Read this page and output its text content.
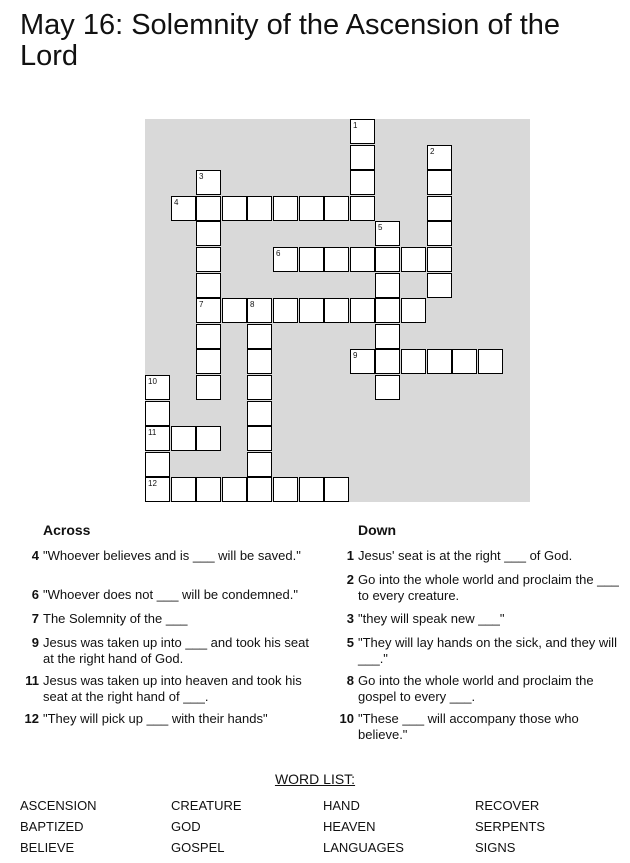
May 16: Solemnity of the Ascension of the Lord
1
2
3
7
4
5
6
8
9
10
11
12
Across	Down
4 "Whoever believes and is ___ will be saved."
6 "Whoever does not ___ will be condemned."
7 The Solemnity of the ___
9 Jesus was taken up into ___ and took his seat at the right hand of God.
11 Jesus was taken up into heaven and took his seat at the right hand of ___.
12 "They will pick up ___ with their hands"
1 Jesus' seat is at the right ___ of God.
2 Go into the whole world and proclaim the ___ to every creature.
3 "they will speak new ___"
5 "They will lay hands on the sick, and they will ___."
8 Go into the whole world and proclaim the gospel to every ___.
10 "These ___ will accompany those who believe."
WORD LIST:
ASCENSION
BAPTIZED
BELIEVE
CREATURE
GOD
GOSPEL
HAND
HEAVEN
LANGUAGES
RECOVER
SERPENTS
SIGNS
